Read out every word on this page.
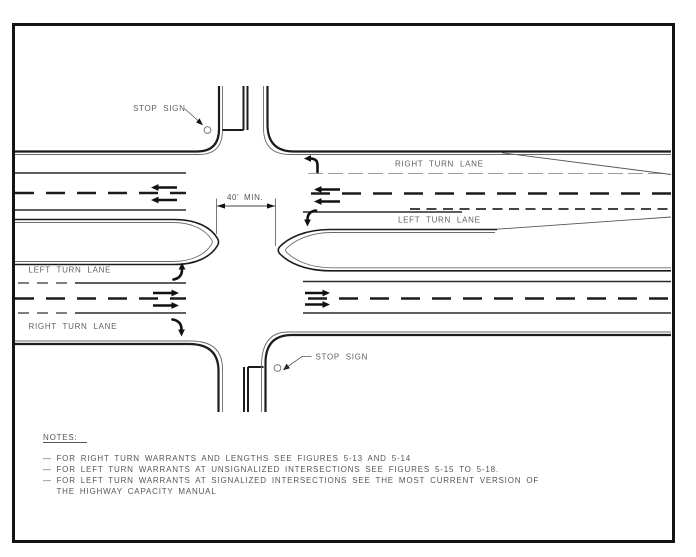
40' MIN.
STOP SIGN
STOP SIGN
LEFT TURN LANE
RIGHT TURN LANE
RIGHT TURN LANE
LEFT TURN LANE
NOTES:
— FOR RIGHT TURN WARRANTS AND LENGTHS SEE FIGURES 5-13 AND 5-14
— FOR LEFT TURN WARRANTS AT UNSIGNALIZED INTERSECTIONS SEE FIGURES 5-15 TO 5-18.
— FOR LEFT TURN WARRANTS AT SIGNALIZED INTERSECTIONS SEE THE MOST CURRENT VERSION OF
THE HIGHWAY CAPACITY MANUAL
